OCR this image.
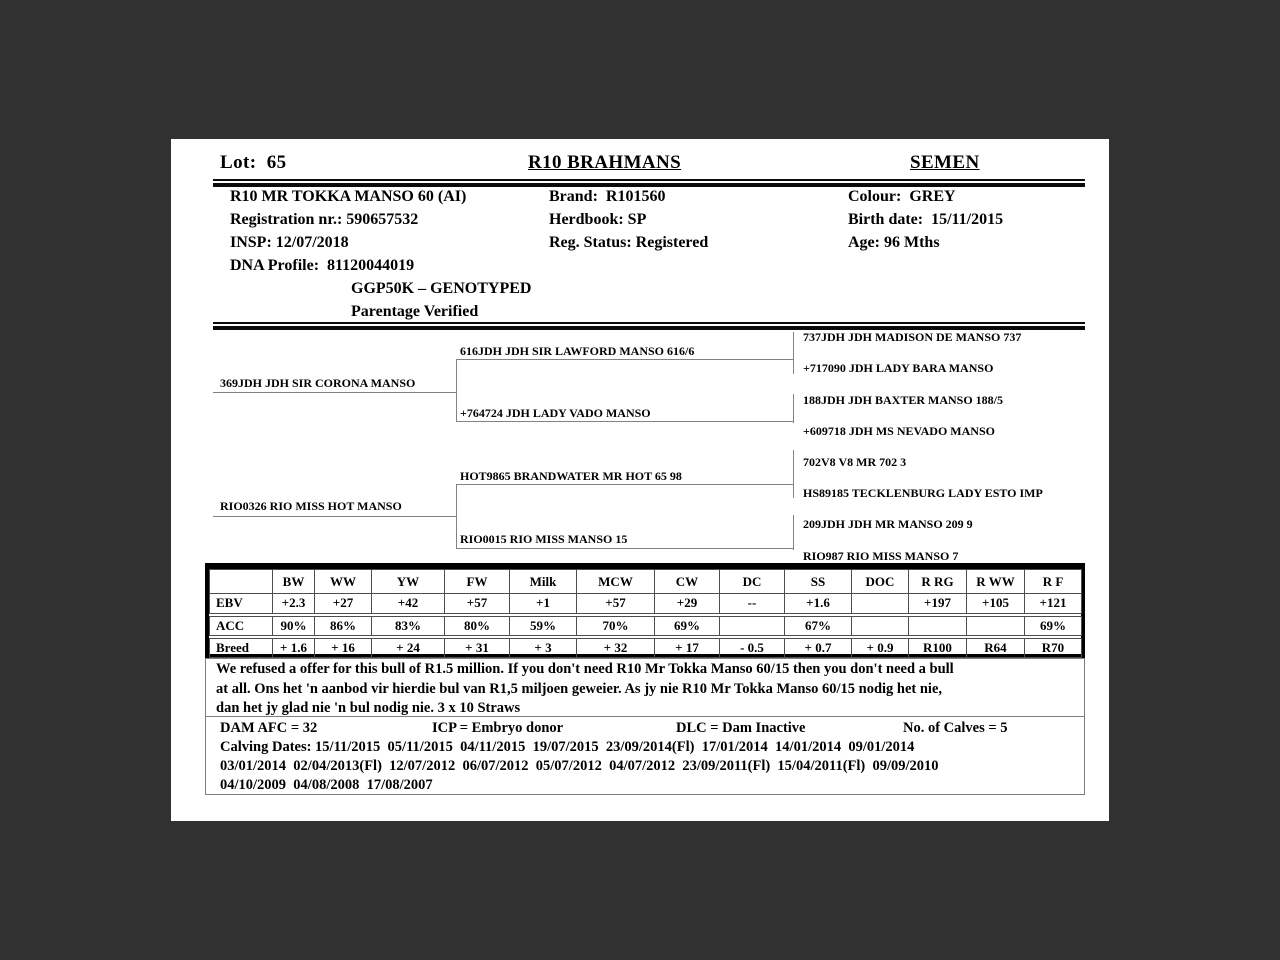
Lot: 65	R10 BRAHMANS	SEMEN
R10 MR TOKKA MANSO 60 (AI)
Registration nr.: 590657532
INSP: 12/07/2018
DNA Profile:  81120044019
GGP50K – GENOTYPED
Parentage Verified
Brand:  R101560
Herdbook: SP
Reg. Status: Registered
Colour:  GREY
Birth date:  15/11/2015
Age: 96 Mths
369JDH JDH SIR CORONA MANSO
RIO0326 RIO MISS HOT MANSO
616JDH JDH SIR LAWFORD MANSO 616/6
+764724 JDH LADY VADO MANSO
HOT9865 BRANDWATER MR HOT 65 98
RIO0015 RIO MISS MANSO 15
737JDH JDH MADISON DE MANSO 737
+717090 JDH LADY BARA MANSO
188JDH JDH BAXTER MANSO 188/5
+609718 JDH MS NEVADO MANSO
702V8 V8 MR 702 3
HS89185 TECKLENBURG LADY ESTO IMP
209JDH JDH MR MANSO 209 9
RIO987 RIO MISS MANSO 7
	BW	WW	YW	FW	Milk	MCW	CW	DC	SS	DOC	R RG	R WW	R F
EBV	+2.3	+27	+42	+57	+1	+57	+29	--	+1.6		+197	+105	+121
ACC	90%	86%	83%	80%	59%	70%	69%		67%				69%
Breed	+ 1.6	+ 16	+ 24	+ 31	+ 3	+ 32	+ 17	- 0.5	+ 0.7	+ 0.9	R100	R64	R70
We refused a offer for this bull of R1.5 million. If you don't need R10 Mr Tokka Manso 60/15 then you don't need a bull
at all. Ons het 'n aanbod vir hierdie bul van R1,5 miljoen geweier. As jy nie R10 Mr Tokka Manso 60/15 nodig het nie,
dan het jy glad nie 'n bul nodig nie. 3 x 10 Straws
DAM AFC = 32	ICP = Embryo donor	DLC = Dam Inactive	No. of Calves = 5
Calving Dates: 15/11/2015  05/11/2015  04/11/2015  19/07/2015  23/09/2014(Fl)  17/01/2014  14/01/2014  09/01/2014
03/01/2014  02/04/2013(Fl)  12/07/2012  06/07/2012  05/07/2012  04/07/2012  23/09/2011(Fl)  15/04/2011(Fl)  09/09/2010
04/10/2009  04/08/2008  17/08/2007
